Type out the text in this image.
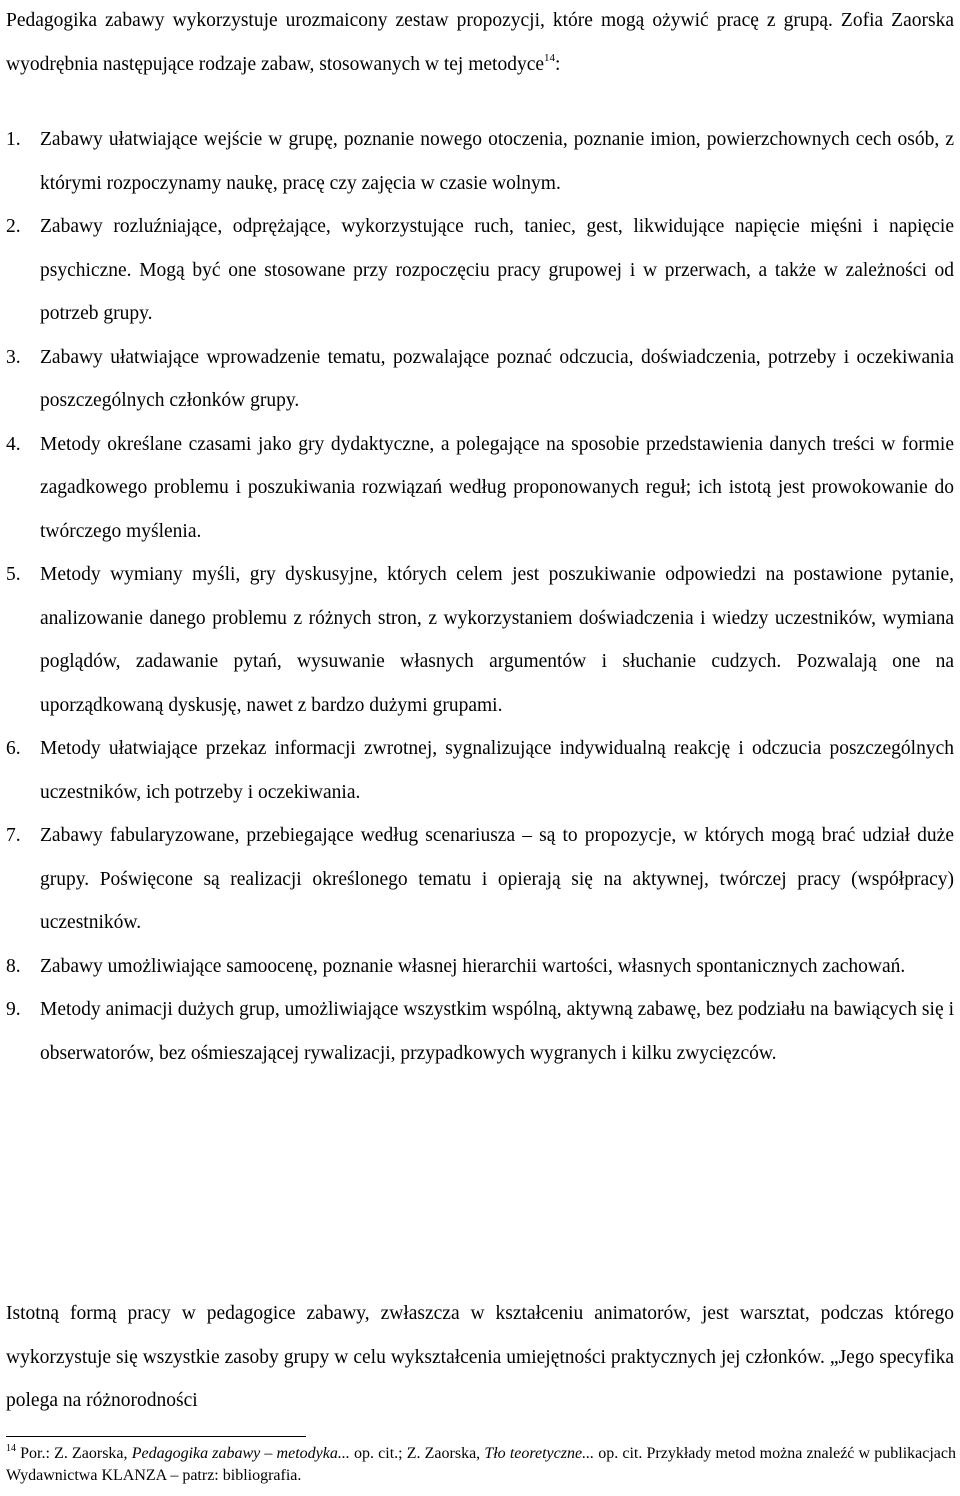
Pedagogika zabawy wykorzystuje urozmaicony zestaw propozycji, które mogą ożywić pracę z grupą. Zofia Zaorska wyodrębnia następujące rodzaje zabaw, stosowanych w tej metodyce$^{14}$:

1. Zabawy ułatwiające wejście w grupę, poznanie nowego otoczenia, poznanie imion, powierzchownych cech osób, z którymi rozpoczynamy naukę, pracę czy zajęcia w czasie wolnym.
2. Zabawy rozluźniające, odprężające, wykorzystujące ruch, taniec, gest, likwidujące napięcie mięśni i napięcie psychiczne. Mogą być one stosowane przy rozpoczęciu pracy grupowej i w przerwach, a także w zależności od potrzeb grupy.
3. Zabawy ułatwiające wprowadzenie tematu, pozwalające poznać odczucia, doświadczenia, potrzeby i oczekiwania poszczególnych członków grupy.
4. Metody określane czasami jako gry dydaktyczne, a polegające na sposobie przedstawienia danych treści w formie zagadkowego problemu i poszukiwania rozwiązań według proponowanych reguł; ich istotą jest prowokowanie do twórczego myślenia.
5. Metody wymiany myśli, gry dyskusyjne, których celem jest poszukiwanie odpowiedzi na postawione pytanie, analizowanie danego problemu z różnych stron, z wykorzystaniem doświadczenia i wiedzy uczestników, wymiana poglądów, zadawanie pytań, wysuwanie własnych argumentów i słuchanie cudzych. Pozwalają one na uporządkowaną dyskusję, nawet z bardzo dużymi grupami.
6. Metody ułatwiające przekaz informacji zwrotnej, sygnalizujące indywidualną reakcję i odczucia poszczególnych uczestników, ich potrzeby i oczekiwania.
7. Zabawy fabularyzowane, przebiegające według scenariusza – są to propozycje, w których mogą brać udział duże grupy. Poświęcone są realizacji określonego tematu i opierają się na aktywnej, twórczej pracy (współpracy) uczestników.
8. Zabawy umożliwiające samoocenę, poznanie własnej hierarchii wartości, własnych spontanicznych zachowań.
9. Metody animacji dużych grup, umożliwiające wszystkim wspólną, aktywną zabawę, bez podziału na bawiących się i obserwatorów, bez ośmieszającej rywalizacji, przypadkowych wygranych i kilku zwycięzców.

Istotną formą pracy w pedagogice zabawy, zwłaszcza w kształceniu animatorów, jest warsztat, podczas którego wykorzystuje się wszystkie zasoby grupy w celu wykształcenia umiejętności praktycznych jej członków. „Jego specyfika polega na różnorodności

$^{14}$ Por.: Z. Zaorska, Pedagogika zabawy – metodyka... op. cit.; Z. Zaorska, Tło teoretyczne... op. cit. Przykłady metod można znaleźć w publikacjach Wydawnictwa KLANZA – patrz: bibliografia.
